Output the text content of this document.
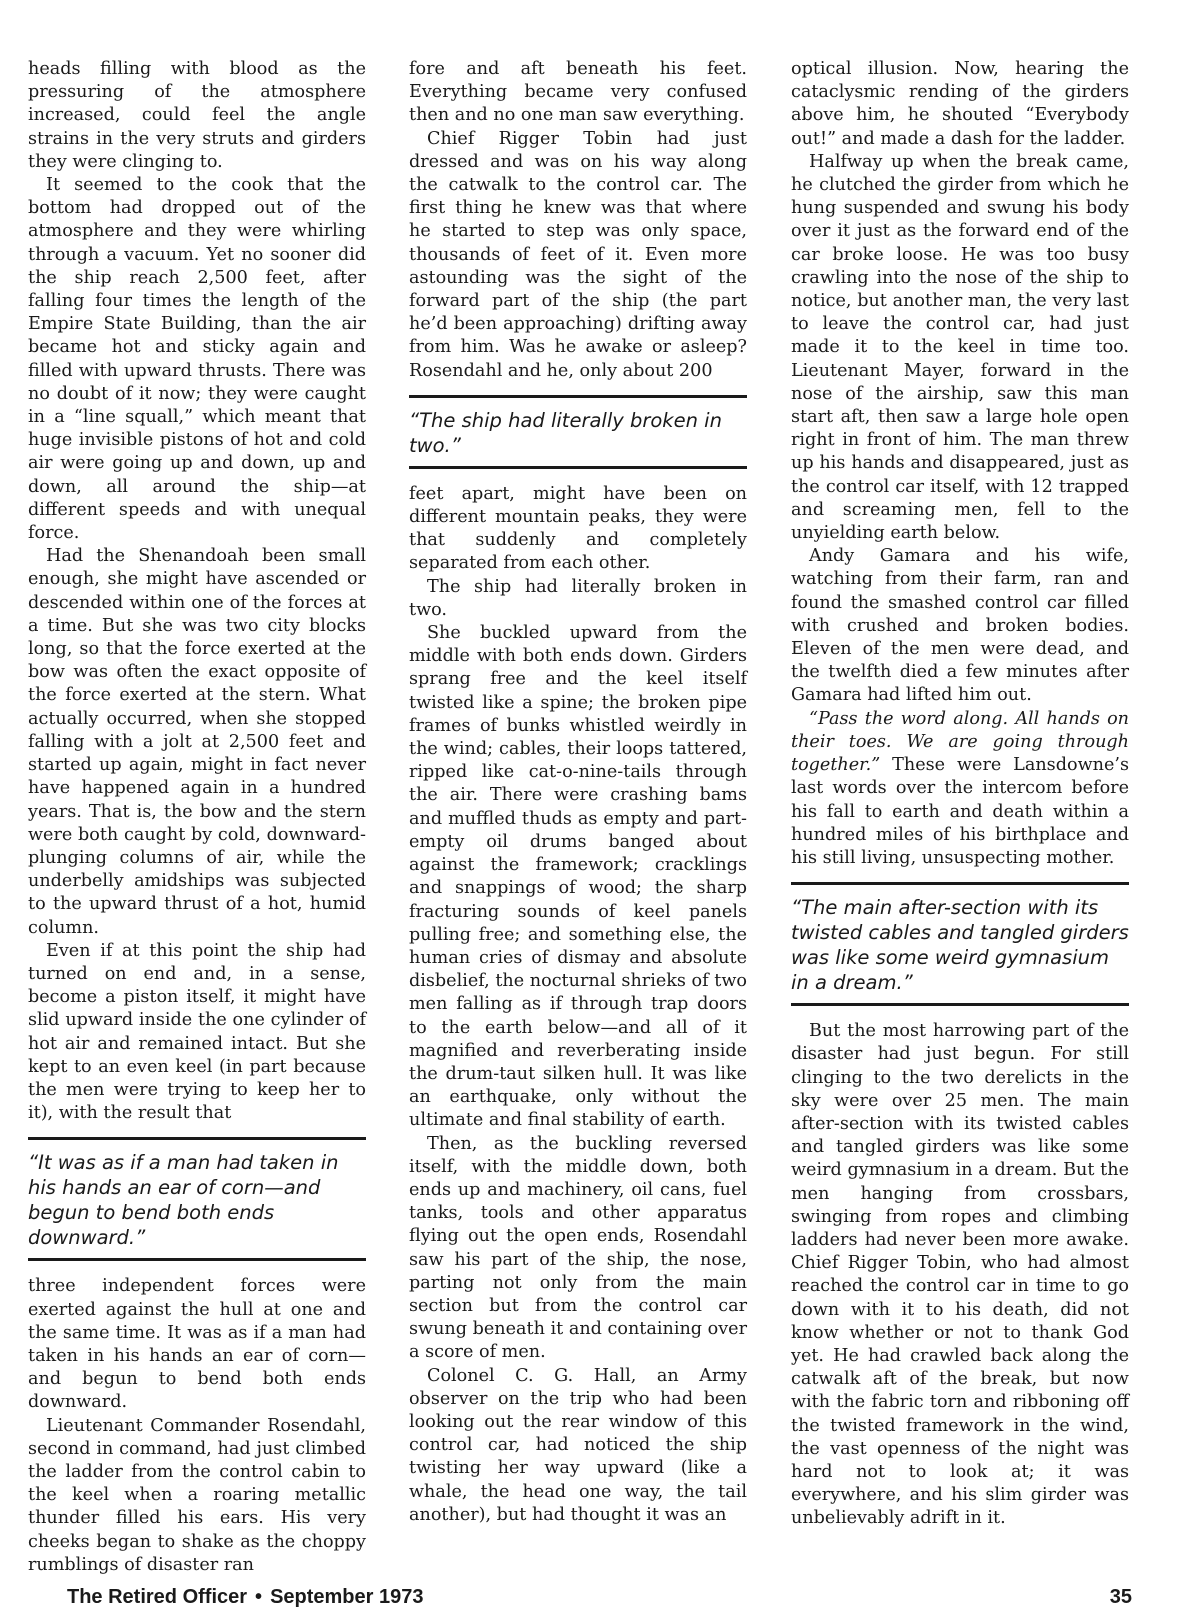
heads filling with blood as the pressuring of the atmosphere increased, could feel the angle strains in the very struts and girders they were clinging to.

It seemed to the cook that the bottom had dropped out of the atmosphere and they were whirling through a vacuum. Yet no sooner did the ship reach 2,500 feet, after falling four times the length of the Empire State Building, than the air became hot and sticky again and filled with upward thrusts. There was no doubt of it now; they were caught in a “line squall,” which meant that huge invisible pistons of hot and cold air were going up and down, up and down, all around the ship—at different speeds and with unequal force.

Had the Shenandoah been small enough, she might have ascended or descended within one of the forces at a time. But she was two city blocks long, so that the force exerted at the bow was often the exact opposite of the force exerted at the stern. What actually occurred, when she stopped falling with a jolt at 2,500 feet and started up again, might in fact never have happened again in a hundred years. That is, the bow and the stern were both caught by cold, downward-plunging columns of air, while the underbelly amidships was subjected to the upward thrust of a hot, humid column.

Even if at this point the ship had turned on end and, in a sense, become a piston itself, it might have slid upward inside the one cylinder of hot air and remained intact. But she kept to an even keel (in part because the men were trying to keep her to it), with the result that

“It was as if a man had taken in his hands an ear of corn—and begun to bend both ends downward.”

three independent forces were exerted against the hull at one and the same time. It was as if a man had taken in his hands an ear of corn—and begun to bend both ends downward.

Lieutenant Commander Rosendahl, second in command, had just climbed the ladder from the control cabin to the keel when a roaring metallic thunder filled his ears. His very cheeks began to shake as the choppy rumblings of disaster ran

fore and aft beneath his feet. Everything became very confused then and no one man saw everything.

Chief Rigger Tobin had just dressed and was on his way along the catwalk to the control car. The first thing he knew was that where he started to step was only space, thousands of feet of it. Even more astounding was the sight of the forward part of the ship (the part he’d been approaching) drifting away from him. Was he awake or asleep? Rosendahl and he, only about 200

“The ship had literally broken in two.”

feet apart, might have been on different mountain peaks, they were that suddenly and completely separated from each other.

The ship had literally broken in two.

She buckled upward from the middle with both ends down. Girders sprang free and the keel itself twisted like a spine; the broken pipe frames of bunks whistled weirdly in the wind; cables, their loops tattered, ripped like cat-o-nine-tails through the air. There were crashing bams and muffled thuds as empty and part-empty oil drums banged about against the framework; cracklings and snappings of wood; the sharp fracturing sounds of keel panels pulling free; and something else, the human cries of dismay and absolute disbelief, the nocturnal shrieks of two men falling as if through trap doors to the earth below—and all of it magnified and reverberating inside the drum-taut silken hull. It was like an earthquake, only without the ultimate and final stability of earth.

Then, as the buckling reversed itself, with the middle down, both ends up and machinery, oil cans, fuel tanks, tools and other apparatus flying out the open ends, Rosendahl saw his part of the ship, the nose, parting not only from the main section but from the control car swung beneath it and containing over a score of men.

Colonel C. G. Hall, an Army observer on the trip who had been looking out the rear window of this control car, had noticed the ship twisting her way upward (like a whale, the head one way, the tail another), but had thought it was an

optical illusion. Now, hearing the cataclysmic rending of the girders above him, he shouted “Everybody out!” and made a dash for the ladder.

Halfway up when the break came, he clutched the girder from which he hung suspended and swung his body over it just as the forward end of the car broke loose. He was too busy crawling into the nose of the ship to notice, but another man, the very last to leave the control car, had just made it to the keel in time too. Lieutenant Mayer, forward in the nose of the airship, saw this man start aft, then saw a large hole open right in front of him. The man threw up his hands and disappeared, just as the control car itself, with 12 trapped and screaming men, fell to the unyielding earth below.

Andy Gamara and his wife, watching from their farm, ran and found the smashed control car filled with crushed and broken bodies. Eleven of the men were dead, and the twelfth died a few minutes after Gamara had lifted him out.

“Pass the word along. All hands on their toes. We are going through together.” These were Lansdowne’s last words over the intercom before his fall to earth and death within a hundred miles of his birthplace and his still living, unsuspecting mother.

“The main after-section with its twisted cables and tangled girders was like some weird gymnasium in a dream.”

But the most harrowing part of the disaster had just begun. For still clinging to the two derelicts in the sky were over 25 men. The main after-section with its twisted cables and tangled girders was like some weird gymnasium in a dream. But the men hanging from crossbars, swinging from ropes and climbing ladders had never been more awake. Chief Rigger Tobin, who had almost reached the control car in time to go down with it to his death, did not know whether or not to thank God yet. He had crawled back along the catwalk aft of the break, but now with the fabric torn and ribboning off the twisted framework in the wind, the vast openness of the night was hard not to look at; it was everywhere, and his slim girder was unbelievably adrift in it.

The Retired Officer • September 1973	35
